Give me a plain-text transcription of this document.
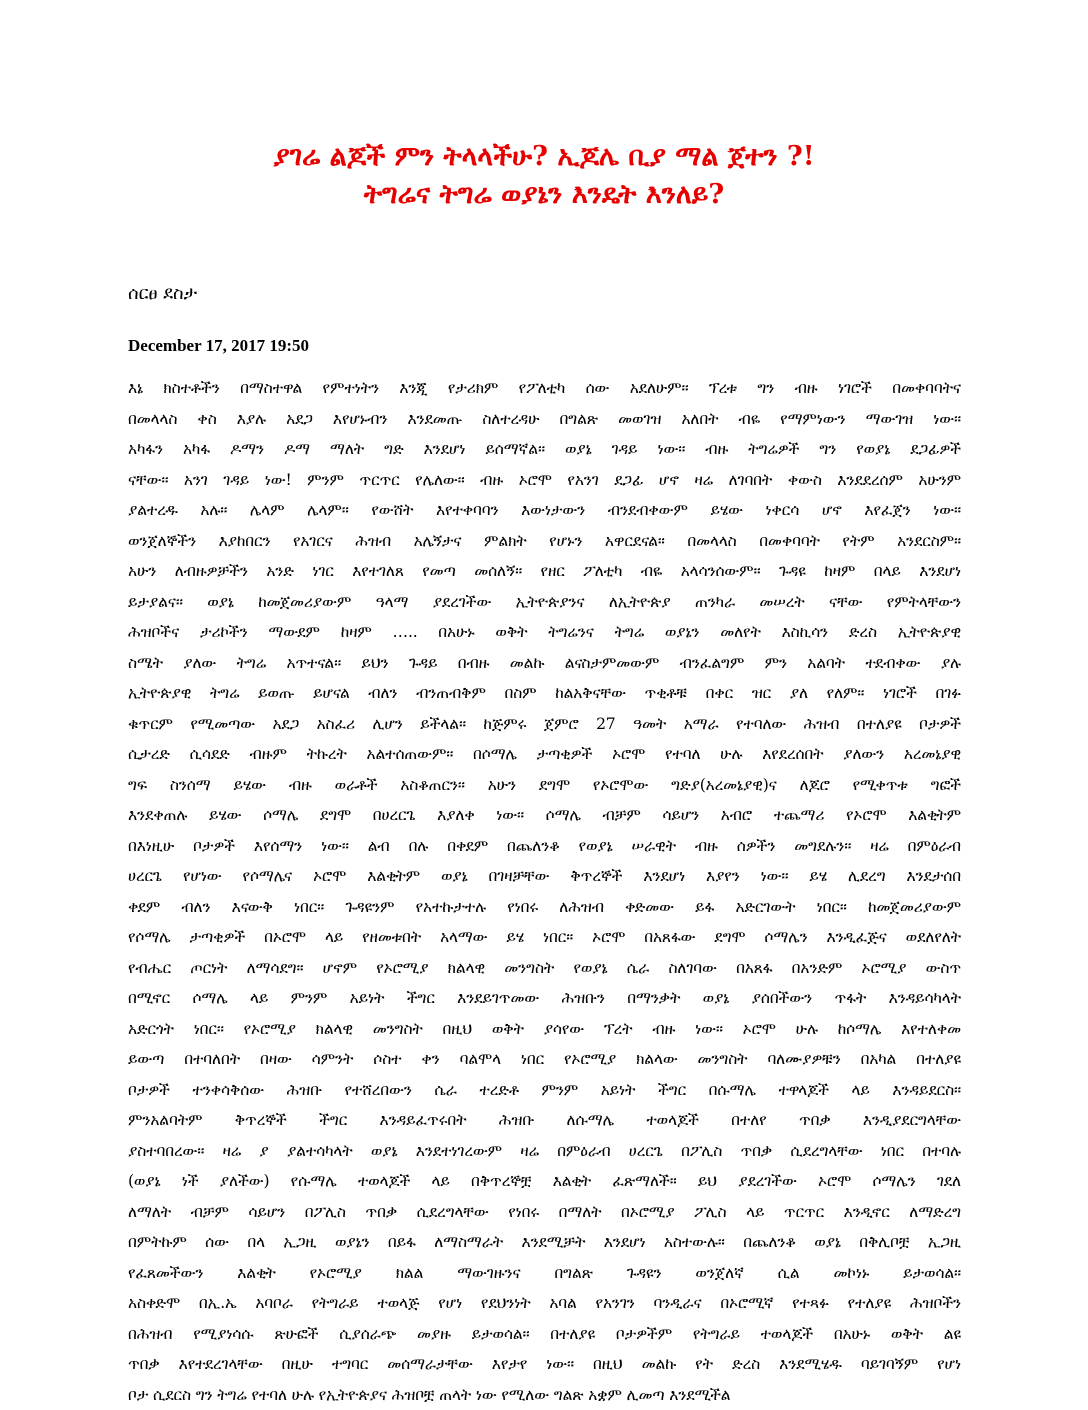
ያገሬ ልጆች ምን ትላላችሁ? ኢጆሌ ቢያ ማል ጀተን ?!
ትግሬና ትግሬ ወያኔን እንዴት እንለይ?
ሰርፀ ደስታ
December 17, 2017 19:50
እኔ ክስተቶችን በማስተዋል የምተነትን እንጂ የታሪክም የፖለቲካ ሰው አደለሁም፡፡ ፕረቱ ግን ብዙ ነገሮች በመቀባባትና
በመላላስ ቀስ እያሉ አደጋ እየሆኑብን እንደመጡ ስለተረዳሁ በግልጽ መወገዝ አለበት ብዬ የማምነውን ማውገዝ ነው፡፡
አካፋን አካፋ ዶማን ዶማ ማለት ግድ እንደሆነ ይሰማኛል፡፡ ወያኔ ገዳይ ነው፡፡ ብዙ ትግሬዎች ግን የወያኔ ደጋፊዎች
ናቸው፡፡ አንገ ገዳይ ነው! ምንም ጥርጥር የሌለው፡፡ ብዙ ኦሮሞ የአንገ ደጋፊ ሆኖ ዛሬ ለገባበት ቀውስ እንደደረሰም አሁንም
ያልተረዱ አሉ፡፡ ሌላም ሌላም፡፡ የውሸት እየተቀባባን እውነታውን ብንደብቀውም ይሄው ነቀርሳ ሆኖ እየፈጀን ነው፡፡
ወንጀለኞችን እያከበርን የአገርና ሕዝብ አሌኝታና ምልክት የሆኑን አዋርደናል፡፡ በመላላስ በመቀባባት የትም አንደርስም፡፡
አሁን ለብዙዎቻችን አንድ ነገር እየተገለጸ የመጣ መሰለኝ፡፡ የዘር ፖለቲካ ብዬ አላሳንሰውም፡፡ ጉዳዩ ከዛም በላይ እንደሆነ
ይታያልና፡፡ ወያኔ ከመጀመሪያውም ዓላማ ያደረገችው ኢትዮጵያንና ለኢትዮጵያ ጠንካራ መሠረት ናቸው የምትላቸውን
ሕዝቦችና ታሪኮችን ማውደም ከዛም ….. በአሁኑ ወቅት ትግሬንና ትግሬ ወያኔን መለየት እስኪሳን ድረስ ኢትዮጵያዊ
ስሜት ያለው ትግሬ አጥተናል፡፡ ይህን ጉዳይ በብዙ መልኩ ልናስታምመውም ብንፈልግም ምን አልባት ተደብቀው ያሉ
ኢትዮጵያዊ ትግሬ ይወጡ ይሆናል ብለን ብንጠብቅም በስም ከልአቅናቸው ጥቂቶቹ በቀር ዝር ያለ የለም፡፡ ነገሮች በገፉ
ቁጥርም የሚመጣው አደጋ አስፈሪ ሊሆን ይችላል፡፡ ከጅምሩ ጀምሮ 27 ዓመት አማራ የተባለው ሕዝብ በተለያዩ ቦታዎች
ሲታረድ ሲሳደድ ብዙም ትኩረት አልተሰጠውም፡፡ በሶማሌ ታጣቂዎች ኦሮሞ የተባለ ሁሉ እየደረሰበት ያለውን አረመኔያዊ
ግፍ ስንሰማ ይሄው ብዙ ወራቶች አስቆጠርን፡፡ አሁን ደግሞ የኦሮሞው ግድያ(አረመኔያዊ)ና ለጆሮ የሚቀጥቱ ግፎች
እንደቀጠሉ ይሄው ሶማሌ ደግሞ በሀረርጌ እያለቀ ነው፡፡ ሶማሌ ብቻም ሳይሆን አብሮ ተጨማሪ የኦሮሞ እልቂትም
በእነዚሁ ቦታዎች እየሰማን ነው፡፡ ልብ በሉ በቀደም በጨለንቆ የወያኔ ሠራዊት ብዙ ሰዎችን መግደሉን፡፡ ዛሬ በምዕራብ
ሀረርጌ የሆነው የሶማሌና ኦሮሞ እልቂትም ወያኔ በገዛቻቸው ቅጥረኞች እንደሆነ እያየን ነው፡፡ ይሄ ሊደረግ እንደታሰበ
ቀደም ብለን እናውቅ ነበር፡፡ ጉዳዩንም የአተኩታተሉ የነበሩ ለሕዝብ ቀድመው ይፋ አድርገውት ነበር፡፡ ከመጀመሪያውም
የሶማሌ ታጣቂዎች በኦሮሞ ላይ የዘመቱበት አላማው ይሄ ነበር፡፡ ኦሮሞ በአጸፋው ደግሞ ሶማሌን እንዲፈጅና ወደለየለት
የብሔር ጦርነት ለማሳደግ፡፡ ሆኖም የኦሮሚያ ክልላዊ መንግስት የወያኔ ሴራ ስለገባው በአጸፋ በአንድም ኦሮሚያ ውስጥ
በሚኖር ሶማሌ ላይ ምንም አይነት ችግር እንደይገጥመው ሕዝቡን በማንቃት ወያኔ ያሰበችውን ጥፋት እንዳይሳካላት
አድርጎት ነበር፡፡ የኦሮሚያ ክልላዊ መንግስት በዚህ ወቅት ያሳየው ፕረት ብዙ ነው፡፡ ኦሮሞ ሁሉ ከሶማሌ እየተለቀመ
ይውጣ በተባለበት በዛው ሳምንት ሶስተ ቀን ባልሞላ ነበር የኦሮሚያ ክልላው መንግስት ባለሙያዎቹን በአካል በተለያዩ
ቦታዎች ተንቀሳቅሰው ሕዝቡ የተሸረበውን ሴራ ተረድቶ ምንም አይነት ችግር በሱማሌ ተዋላጆች ላይ እንዳይደርስ፡፡
ምንአልባትም ቅጥረኞች ችግር እንዳይፈጥሩበት ሕዝቡ ለሱማሌ ተወላጆች በተለየ ጥበቃ እንዲያደርግላቸው
ያስተባበረው፡፡ ዛሬ ያ ያልተሳካላት ወያኔ እንደተነገረውም ዛሬ በምዕራብ ሀረርጌ በፖሊስ ጥበቃ ሲደረግላቸው ነበር በተባሉ
(ወያኔ ነች ያለችው) የሱማሌ ተወላጆች ላይ በቅጥረኞቿ እልቂት ፈጽማለች፡፡ ይህ ያደረገችው ኦሮሞ ሶማሌን ገደለ
ለማለት ብቻም ሳይሆን በፖሊስ ጥበቃ ሲደረግላቸው የነበሩ በማለት በኦሮሚያ ፖሊስ ላይ ጥርጥር እንዲኖር ለማድረግ
በምትኩም ሰው በላ ኢጋዚ ወያኔን በይፋ ለማስማራት እንደሚቻት እንደሆነ አስተውሉ፡፡ በጨለንቆ ወያኔ በቅሊቦቿ ኢጋዚ
የፈጸመችውን እልቂት የኦሮሚያ ክልል ማውገዙንና በግልጽ ጉዳዩን ወንጀለኛ ሲል መኮነኑ ይታወሳል፡፡
አስቀድሞ በኢ.ኤ አባቦራ የትግራይ ተወላጅ የሆነ የደህንነት አባል የአንገን ባንዲራና በኦሮሚኛ የተጻፉ የተለያዩ ሕዝቦችን
በሕዝብ የሚያነሳሱ ጽሁፎች ሲያሰራጭ መያዙ ይታወሳል፡፡ በተለያዩ ቦታዎችም የትግራይ ተወላጆች በአሁኑ ወቅት ልዩ
ጥበቃ እየተደረገላቸው በዚሁ ተግባር መሰማራታቸው እየታየ ነው፡፡ በዚህ መልኩ የት ድረስ እንደሚሄዱ ባይገባኝም የሆነ
ቦታ ሲደርስ ግን ትግሬ የተባለ ሁሉ የኢትዮጵያና ሕዝቦቿ ጠላት ነው የሚለው ግልጽ አቋም ሊመጣ እንደሚችል
